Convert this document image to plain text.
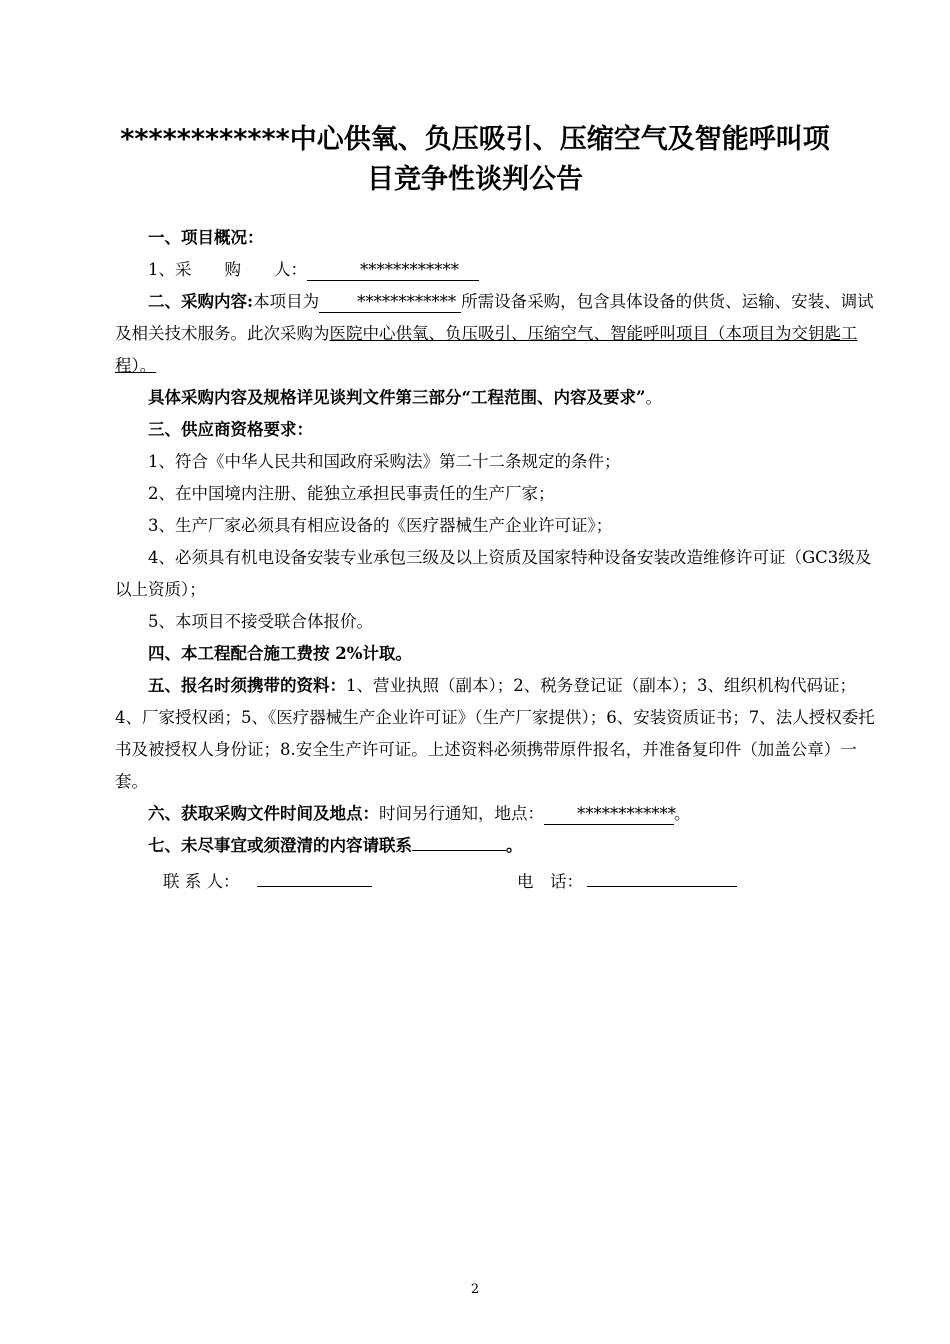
************中心供氧、负压吸引、压缩空气及智能呼叫项
目竞争性谈判公告

一、项目概况：

1、采　　购　　人：	************

二、采购内容:本项目为 ************ 所需设备采购，包含具体设备的供货、运输、安装、调试及相关技术服务。此次采购为医院中心供氧、负压吸引、压缩空气、智能呼叫项目（本项目为交钥匙工程）。

具体采购内容及规格详见谈判文件第三部分“工程范围、内容及要求”。

三、供应商资格要求：

1、符合《中华人民共和国政府采购法》第二十二条规定的条件；

2、在中国境内注册、能独立承担民事责任的生产厂家；

3、生产厂家必须具有相应设备的《医疗器械生产企业许可证》；

4、必须具有机电设备安装专业承包三级及以上资质及国家特种设备安装改造维修许可证（GC3级及以上资质）；

5、本项目不接受联合体报价。

四、本工程配合施工费按 2%计取。

五、报名时须携带的资料：1、营业执照（副本）；2、税务登记证（副本）；3、组织机构代码证；4、厂家授权函；5、《医疗器械生产企业许可证》（生产厂家提供）；6、安装资质证书；7、法人授权委托书及被授权人身份证；8.安全生产许可证。上述资料必须携带原件报名，并准备复印件（加盖公章）一套。

六、获取采购文件时间及地点：时间另行通知，地点： ************。

七、未尽事宜或须澄清的内容请联系	。

联 系 人：	电　话：
2
